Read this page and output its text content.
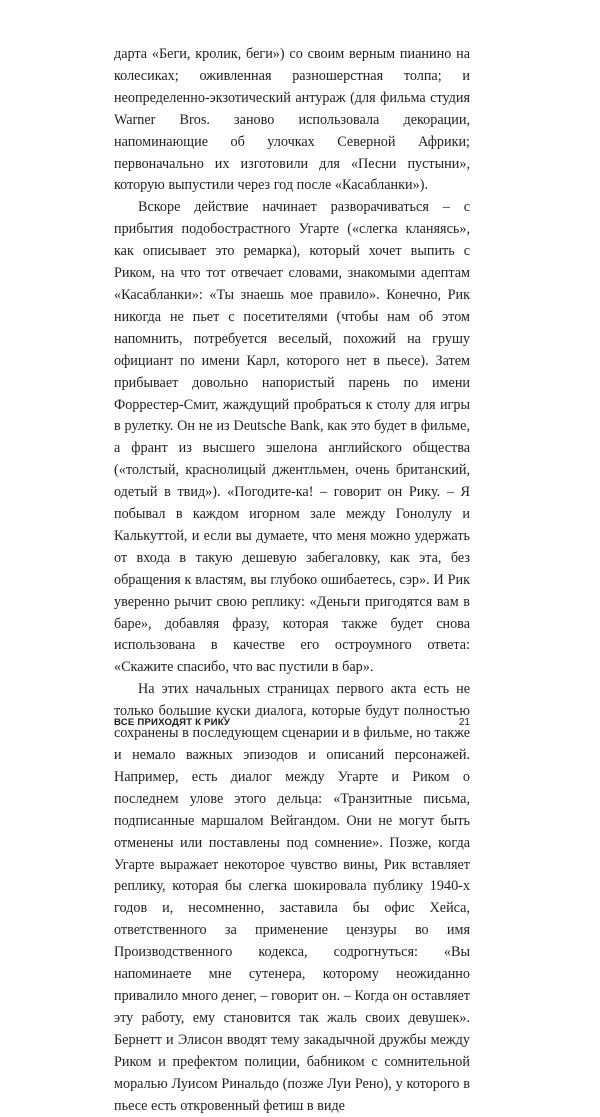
дарта «Беги, кролик, беги») со своим верным пианино на колесиках; оживленная разношерстная толпа; и неопределенно-экзотический антураж (для фильма студия Warner Bros. заново использовала декорации, напоминающие об улочках Северной Африки; первоначально их изготовили для «Песни пустыни», которую выпустили через год после «Касабланки»).

Вскоре действие начинает разворачиваться – с прибытия подобострастного Угарте («слегка кланяясь», как описывает это ремарка), который хочет выпить с Риком, на что тот отвечает словами, знакомыми адептам «Касабланки»: «Ты знаешь мое правило». Конечно, Рик никогда не пьет с посетителями (чтобы нам об этом напомнить, потребуется веселый, похожий на грушу официант по имени Карл, которого нет в пьесе). Затем прибывает довольно напористый парень по имени Форрестер-Смит, жаждущий пробраться к столу для игры в рулетку. Он не из Deutsche Bank, как это будет в фильме, а франт из высшего эшелона английского общества («толстый, краснолицый джентльмен, очень британский, одетый в твид»). «Погодите-ка! – говорит он Рику. – Я побывал в каждом игорном зале между Гонолулу и Калькуттой, и если вы думаете, что меня можно удержать от входа в такую дешевую забегаловку, как эта, без обращения к властям, вы глубоко ошибаетесь, сэр». И Рик уверенно рычит свою реплику: «Деньги пригодятся вам в баре», добавляя фразу, которая также будет снова использована в качестве его остроумного ответа: «Скажите спасибо, что вас пустили в бар».

На этих начальных страницах первого акта есть не только большие куски диалога, которые будут полностью сохранены в последующем сценарии и в фильме, но также и немало важных эпизодов и описаний персонажей. Например, есть диалог между Угарте и Риком о последнем улове этого дельца: «Транзитные письма, подписанные маршалом Вейгандом. Они не могут быть отменены или поставлены под сомнение». Позже, когда Угарте выражает некоторое чувство вины, Рик вставляет реплику, которая бы слегка шокировала публику 1940-х годов и, несомненно, заставила бы офис Хейса, ответственного за применение цензуры во имя Производственного кодекса, содрогнуться: «Вы напоминаете мне сутенера, которому неожиданно привалило много денег, – говорит он. – Когда он оставляет эту работу, ему становится так жаль своих девушек». Бернетт и Элисон вводят тему закадычной дружбы между Риком и префектом полиции, бабником с сомнительной моралью Луисом Ринальдо (позже Луи Рено), у которого в пьесе есть откровенный фетиш в виде

ВСЕ ПРИХОДЯТ К РИКУ	21
